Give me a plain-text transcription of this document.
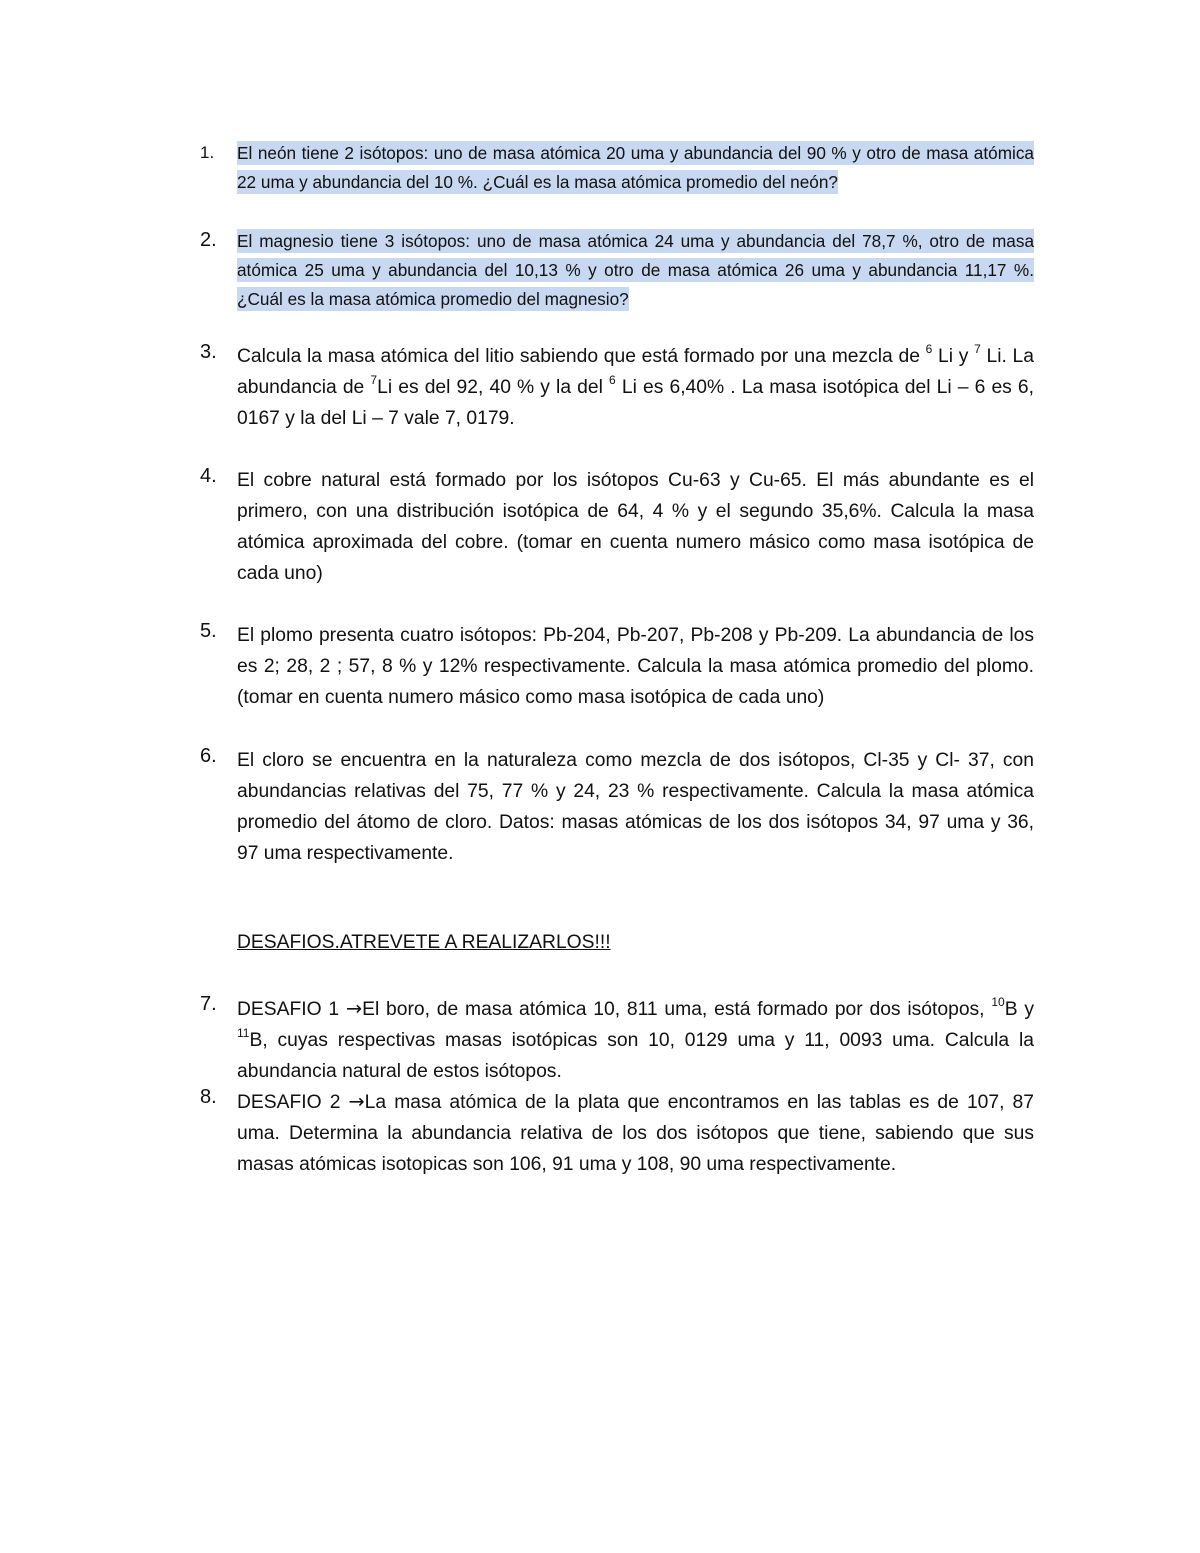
1.	El neón tiene 2 isótopos: uno de masa atómica 20 uma y abundancia del 90 % y otro de masa atómica 22 uma y abundancia del 10 %. ¿Cuál es la masa atómica promedio del neón?
2.	El magnesio tiene 3 isótopos: uno de masa atómica 24 uma y abundancia del 78,7 %, otro de masa atómica 25 uma y abundancia del 10,13 % y otro de masa atómica 26 uma y abundancia 11,17 %. ¿Cuál es la masa atómica promedio del magnesio?
3.	Calcula la masa atómica del litio sabiendo que está formado por una mezcla de $^6$ Li y $^7$ Li. La abundancia de $^7$Li es del 92, 40 % y la del $^6$ Li es 6,40% . La masa isotópica del Li – 6 es 6, 0167 y la del Li – 7 vale 7, 0179.
4.	El cobre natural está formado por los isótopos Cu-63 y Cu-65. El más abundante es el primero, con una distribución isotópica de 64, 4 % y el segundo 35,6%. Calcula la masa atómica aproximada del cobre. (tomar en cuenta numero másico como masa isotópica de cada uno)
5.	El plomo presenta cuatro isótopos: Pb-204, Pb-207, Pb-208 y Pb-209. La abundancia de los es 2; 28, 2 ; 57, 8 % y 12% respectivamente. Calcula la masa atómica promedio del plomo. (tomar en cuenta numero másico como masa isotópica de cada uno)
6.	El cloro se encuentra en la naturaleza como mezcla de dos isótopos, Cl-35 y Cl- 37, con abundancias relativas del 75, 77 % y 24, 23 % respectivamente. Calcula la masa atómica promedio del átomo de cloro. Datos: masas atómicas de los dos isótopos 34, 97 uma y 36, 97 uma respectivamente.
DESAFIOS.ATREVETE A REALIZARLOS!!!
7.	DESAFIO 1 →El boro, de masa atómica 10, 811 uma, está formado por dos isótopos, $^{10}$B y $^{11}$B, cuyas respectivas masas isotópicas son 10, 0129 uma y 11, 0093 uma. Calcula la abundancia natural de estos isótopos.
8.	DESAFIO 2 →La masa atómica de la plata que encontramos en las tablas es de 107, 87 uma. Determina la abundancia relativa de los dos isótopos que tiene, sabiendo que sus masas atómicas isotopicas son 106, 91 uma y 108, 90 uma respectivamente.
